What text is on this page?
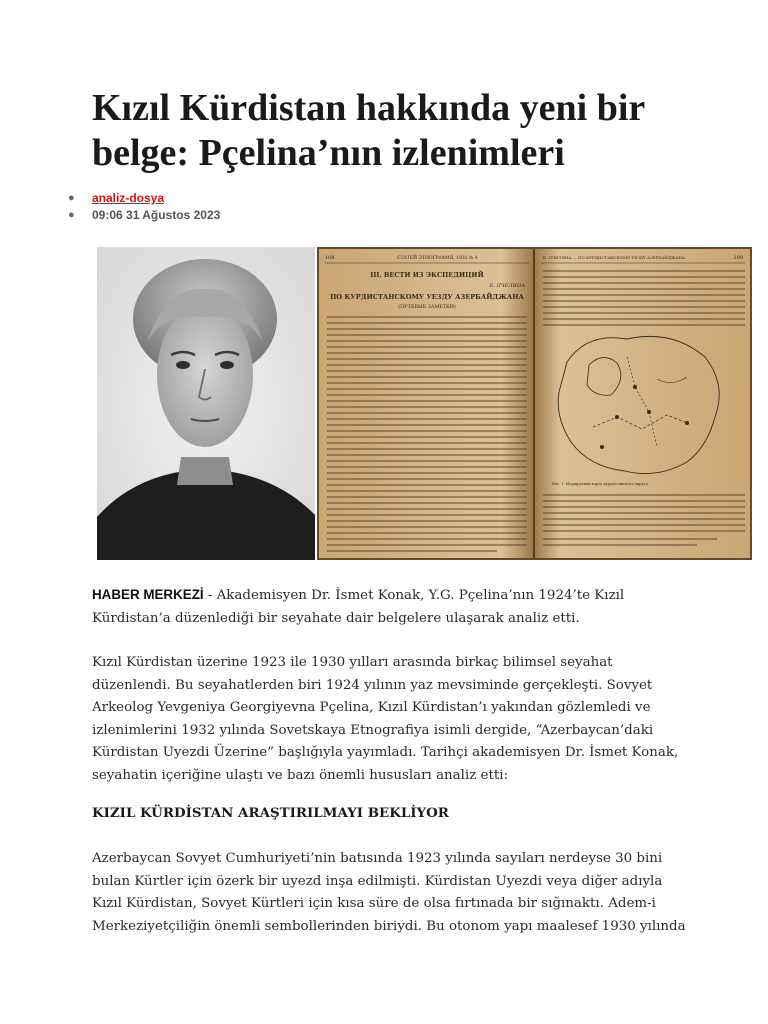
Kızıl Kürdistan hakkında yeni bir belge: Pçelina’nın izlenimleri
● analiz-dosya
● 09:06 31 Ağustos 2023
108	СТАТЕЙ ЭТНОГРАФИЯ, 1932 № 4
III. ВЕСТИ ИЗ ЭКСПЕДИЦИЙ
Е. ПЧЕЛИНА
ПО КУРДИСТАНСКОМУ УЕЗДУ АЗЕРБАЙДЖАНА
(ПУТЕВЫЕ ЗАМЕТКИ)
К. ПЧЕЛИНА — ПО КУРДИСТАНСКОМУ УЕЗДУ АЗЕРБАЙДЖАНА	109
Рис. 1. Маршрутная карта курдистанского округа.

HABER MERKEZİ - Akademisyen Dr. İsmet Konak, Y.G. Pçelina’nın 1924’te Kızıl Kürdistan’a düzenlediği bir seyahate dair belgelere ulaşarak analiz etti.

Kızıl Kürdistan üzerine 1923 ile 1930 yılları arasında birkaç bilimsel seyahat düzenlendi. Bu seyahatlerden biri 1924 yılının yaz mevsiminde gerçekleşti. Sovyet Arkeolog Yevgeniya Georgiyevna Pçelina, Kızıl Kürdistan’ı yakından gözlemledi ve izlenimlerini 1932 yılında Sovetskaya Etnografiya isimli dergide, “Azerbaycan’daki Kürdistan Uyezdi Üzerine” başlığıyla yayımladı. Tarihçi akademisyen Dr. İsmet Konak, seyahatin içeriğine ulaştı ve bazı önemli hususları analiz etti:

KIZIL KÜRDİSTAN ARAŞTIRILMAYI BEKLİYOR

Azerbaycan Sovyet Cumhuriyeti’nin batısında 1923 yılında sayıları nerdeyse 30 bini bulan Kürtler için özerk bir uyezd inşa edilmişti. Kürdistan Uyezdi veya diğer adıyla Kızıl Kürdistan, Sovyet Kürtleri için kısa süre de olsa fırtınada bir sığınaktı. Adem-i Merkeziyetçiliğin önemli sembollerinden biriydi. Bu otonom yapı maalesef 1930 yılında
